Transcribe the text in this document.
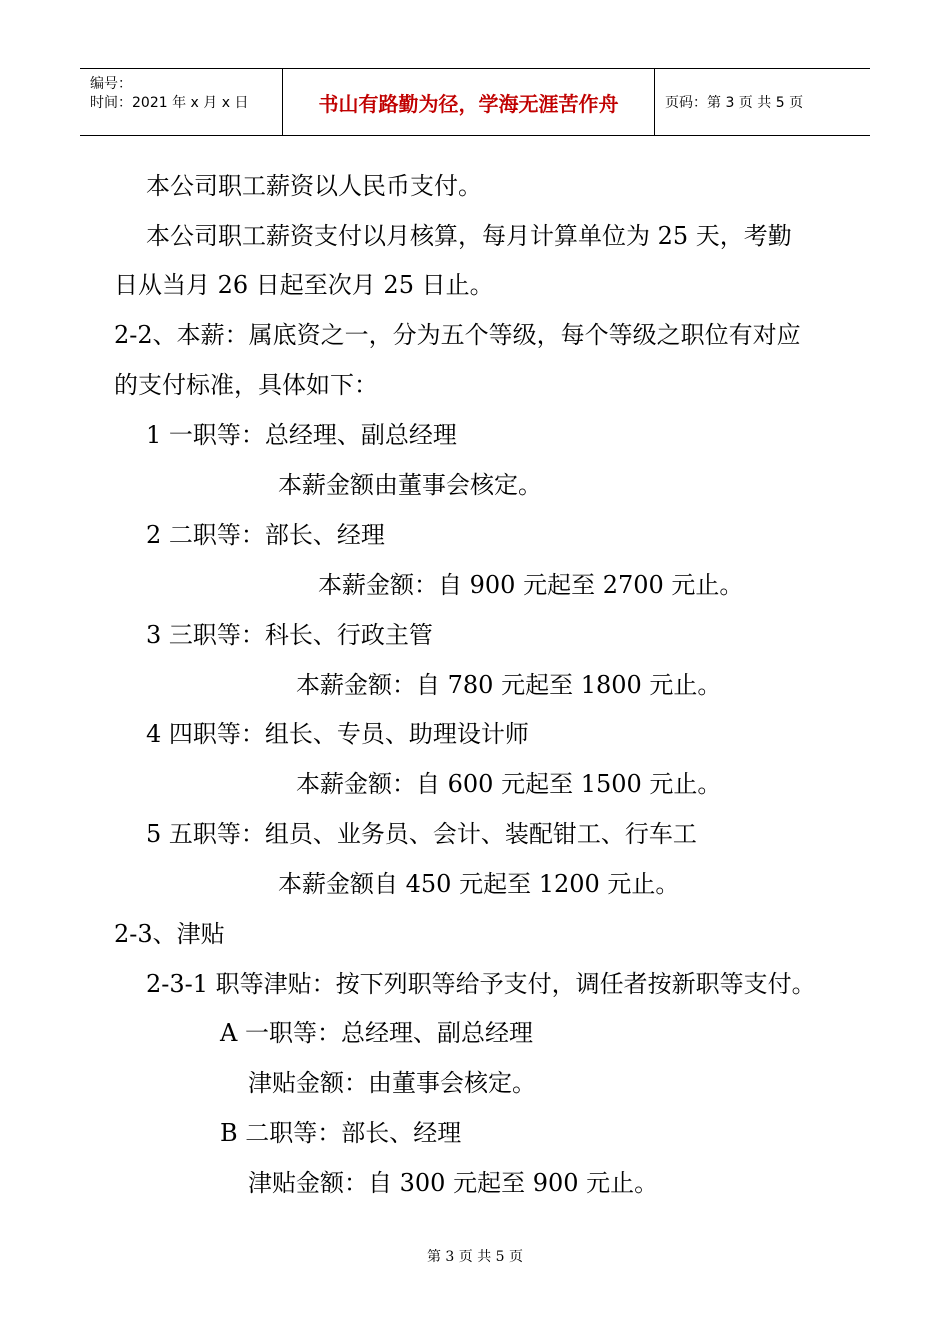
编号：
时间：2021 年 x 月 x 日	书山有路勤为径，学海无涯苦作舟	页码：第 3 页 共 5 页
本公司职工薪资以人民币支付。
本公司职工薪资支付以月核算，每月计算单位为 25 天，考勤
日从当月 26 日起至次月 25 日止。
2-2、本薪：属底资之一，分为五个等级，每个等级之职位有对应
的支付标准，具体如下：
1 一职等：总经理、副总经理
本薪金额由董事会核定。
2 二职等：部长、经理
本薪金额：自 900 元起至 2700 元止。
3 三职等：科长、行政主管
本薪金额：自 780 元起至 1800 元止。
4 四职等：组长、专员、助理设计师
本薪金额：自 600 元起至 1500 元止。
5 五职等：组员、业务员、会计、装配钳工、行车工
本薪金额自 450 元起至 1200 元止。
2-3、津贴
2-3-1 职等津贴：按下列职等给予支付，调任者按新职等支付。
A 一职等：总经理、副总经理
津贴金额：由董事会核定。
B 二职等：部长、经理
津贴金额：自 300 元起至 900 元止。
第 3 页 共 5 页
